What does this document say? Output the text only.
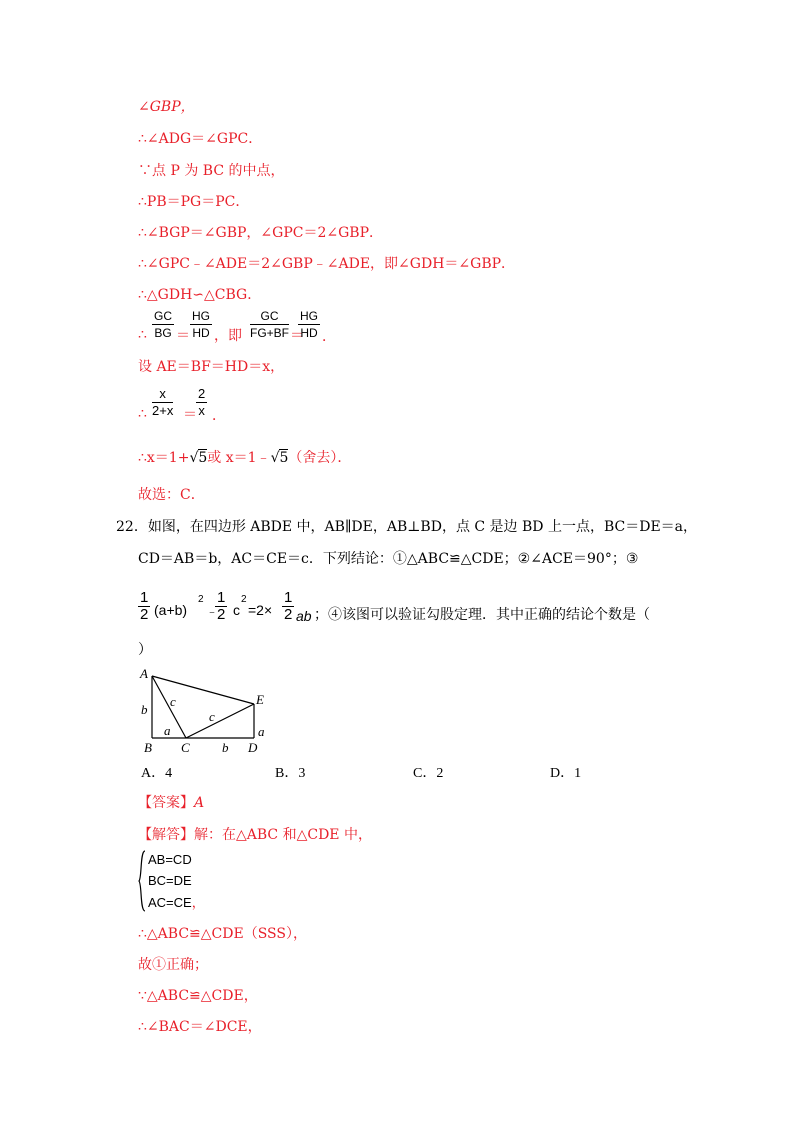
∠GBP，
∴∠ADG＝∠GPC．
∵点 P 为 BC 的中点，
∴PB＝PG＝PC．
∴∠BGP＝∠GBP，∠GPC＝2∠GBP．
∴∠GPC﹣∠ADE＝2∠GBP﹣∠ADE，即∠GDH＝∠GBP．
∴△GDH∽△CBG．
∴ $\frac{GC}{BG} = \frac{HG}{HD}$ ，即 $\frac{GC}{FG+BF}$ ＝
$\frac{HG}{HD}$ ．
设 AE＝BF＝HD＝x，
∴ $\frac{x}{2+x} = \frac{2}{x}$ ．
∴x＝1+√5或 x＝1﹣√5（舍去）．
故选：C．
22．如图，在四边形 ABDE 中，AB∥DE，AB⊥BD，点 C 是边 BD 上一点，BC＝DE＝a，
CD＝AB＝b，AC＝CE＝c．下列结论：①△ABC≌△CDE；②∠ACE＝90°；③
$\frac{1}{2} (a+b)$
2
﹣
$\frac{1}{2}$ c
2
$=2\times \frac{1}{2}$ ab ；④该图可以验证勾股定理．其中正确的结论个数是（
）
A
B C	D
E
b
c
c
a
b
a
A．4	B．3	C．2	D．1
【答案】A
【解答】解：在△ABC 和△CDE 中，
AB=CD
BC=DE
AC=CE，
∴△ABC≌△CDE（SSS），
故①正确；
∵△ABC≌△CDE，
∴∠BAC＝∠DCE，
